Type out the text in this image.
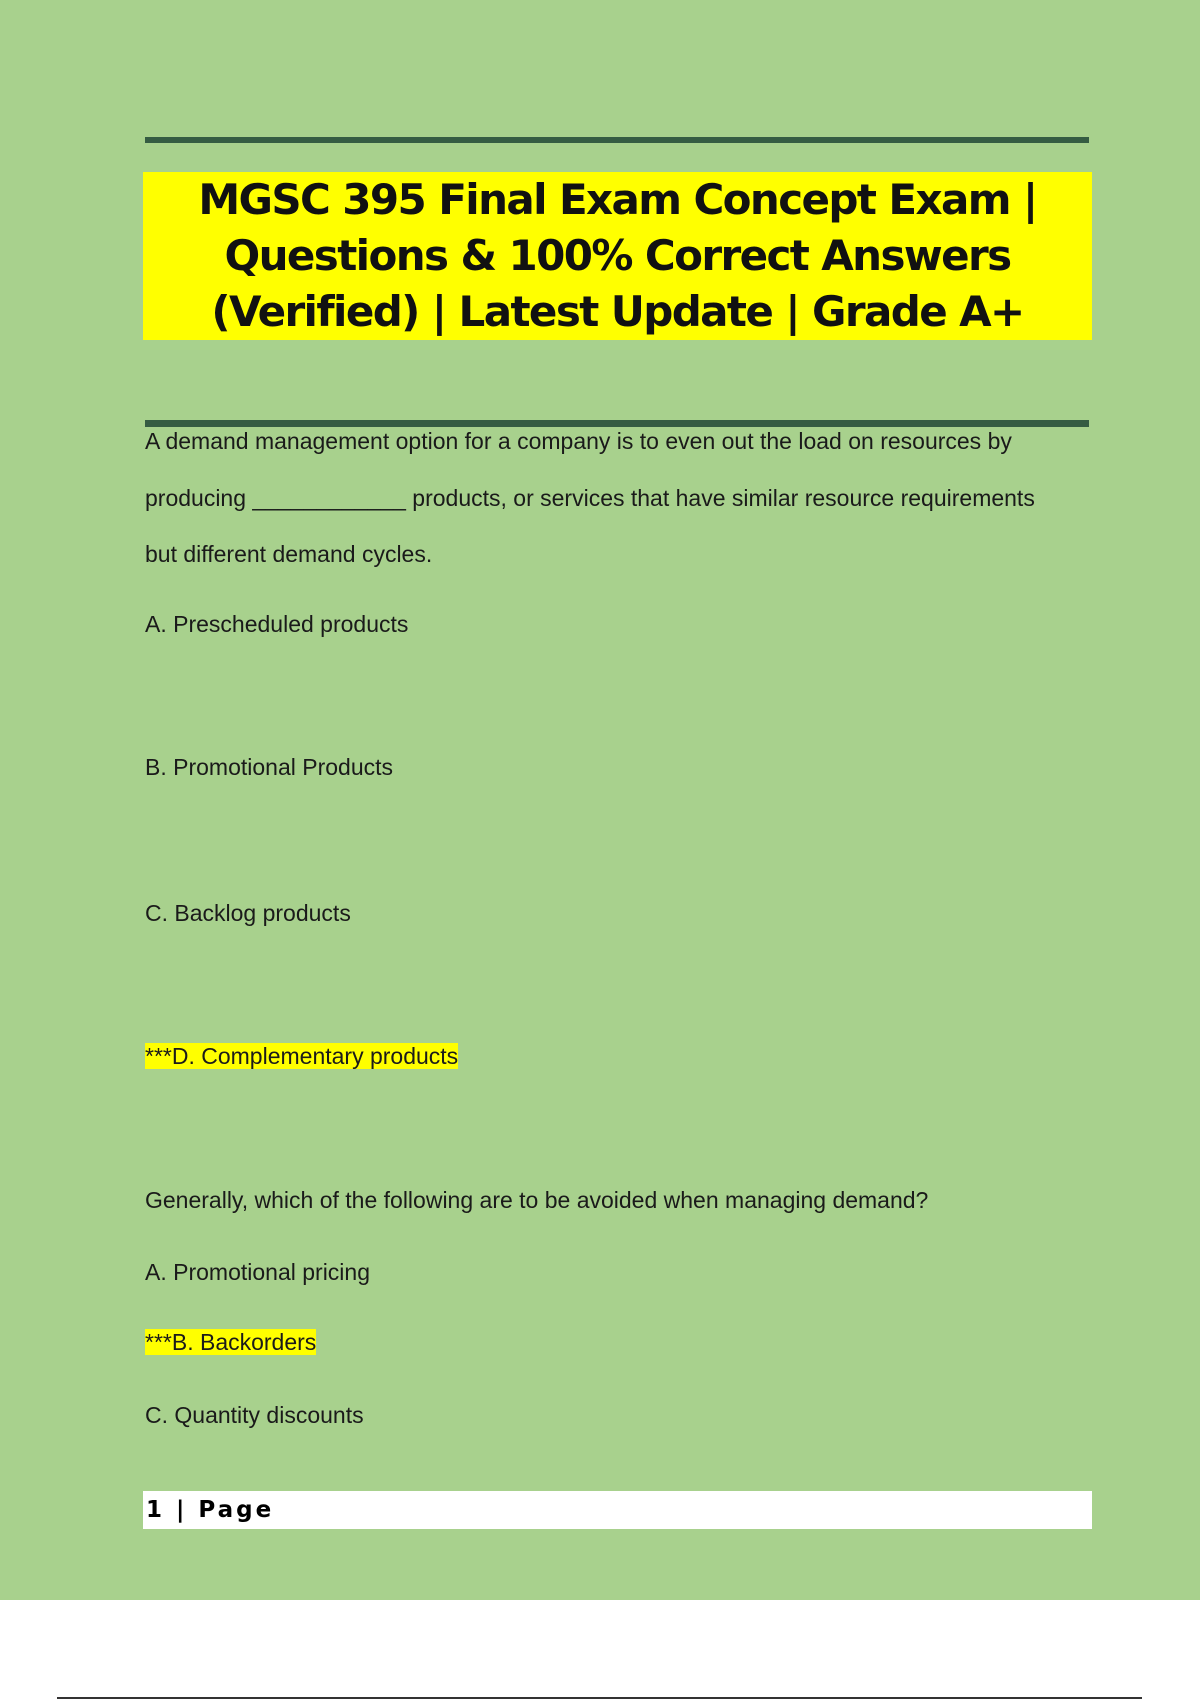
MGSC 395 Final Exam Concept Exam |
Questions & 100% Correct Answers
(Verified) | Latest Update | Grade A+
A demand management option for a company is to even out the load on resources by
producing ____________ products, or services that have similar resource requirements
but different demand cycles.
A. Prescheduled products
B. Promotional Products
C. Backlog products
***D. Complementary products
Generally, which of the following are to be avoided when managing demand?
A. Promotional pricing
***B. Backorders
C. Quantity discounts
1 | Page
